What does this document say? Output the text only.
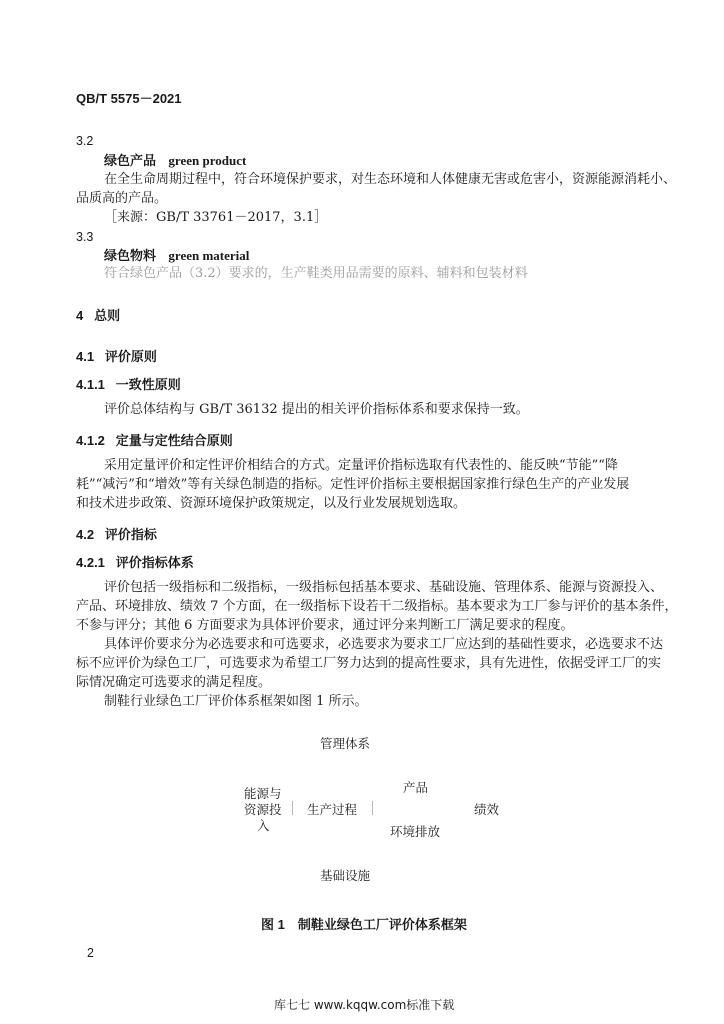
QB/T 5575－2021
3.2
绿色产品 green product
在全生命周期过程中，符合环境保护要求，对生态环境和人体健康无害或危害小，资源能源消耗小、
品质高的产品。
［来源：GB/T 33761－2017，3.1］
3.3
绿色物料 green material
符合绿色产品（3.2）要求的，生产鞋类用品需要的原料、辅料和包装材料
4 总则
4.1 评价原则
4.1.1 一致性原则
评价总体结构与 GB/T 36132 提出的相关评价指标体系和要求保持一致。
4.1.2 定量与定性结合原则
采用定量评价和定性评价相结合的方式。定量评价指标选取有代表性的、能反映“节能”“降
耗”“减污”和“增效”等有关绿色制造的指标。定性评价指标主要根据国家推行绿色生产的产业发展
和技术进步政策、资源环境保护政策规定，以及行业发展规划选取。
4.2 评价指标
4.2.1 评价指标体系
评价包括一级指标和二级指标，一级指标包括基本要求、基础设施、管理体系、能源与资源投入、
产品、环境排放、绩效 7 个方面，在一级指标下设若干二级指标。基本要求为工厂参与评价的基本条件，
不参与评分；其他 6 方面要求为具体评价要求，通过评分来判断工厂满足要求的程度。
具体评价要求分为必选要求和可选要求，必选要求为要求工厂应达到的基础性要求，必选要求不达
标不应评价为绿色工厂，可选要求为希望工厂努力达到的提高性要求，具有先进性，依据受评工厂的实
际情况确定可选要求的满足程度。
制鞋行业绿色工厂评价体系框架如图 1 所示。
管理体系
产品
能源与
资源投
入
生产过程	绩效
环境排放
基础设施
图 1　制鞋业绿色工厂评价体系框架
2
库七七 www.kqqw.com标准下载
